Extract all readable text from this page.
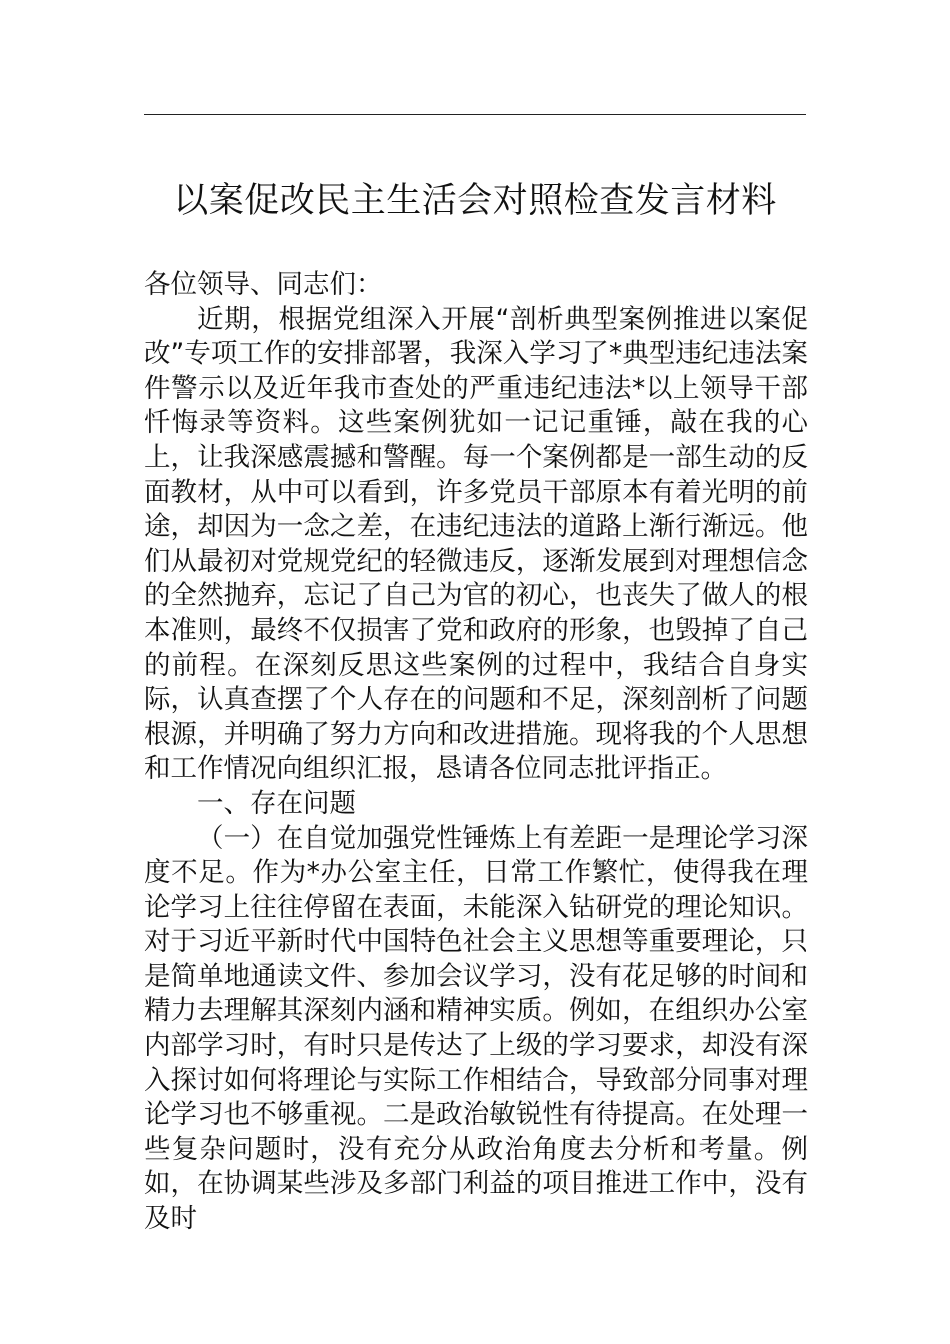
以案促改民主生活会对照检查发言材料

各位领导、同志们：

近期，根据党组深入开展“剖析典型案例推进以案促改”专项工作的安排部署，我深入学习了*典型违纪违法案件警示以及近年我市查处的严重违纪违法*以上领导干部忏悔录等资料。这些案例犹如一记记重锤，敲在我的心上，让我深感震撼和警醒。每一个案例都是一部生动的反面教材，从中可以看到，许多党员干部原本有着光明的前途，却因为一念之差，在违纪违法的道路上渐行渐远。他们从最初对党规党纪的轻微违反，逐渐发展到对理想信念的全然抛弃，忘记了自己为官的初心，也丧失了做人的根本准则，最终不仅损害了党和政府的形象，也毁掉了自己的前程。在深刻反思这些案例的过程中，我结合自身实际，认真查摆了个人存在的问题和不足，深刻剖析了问题根源，并明确了努力方向和改进措施。现将我的个人思想和工作情况向组织汇报，恳请各位同志批评指正。

一、存在问题

（一）在自觉加强党性锤炼上有差距一是理论学习深度不足。作为*办公室主任，日常工作繁忙，使得我在理论学习上往往停留在表面，未能深入钻研党的理论知识。对于习近平新时代中国特色社会主义思想等重要理论，只是简单地通读文件、参加会议学习，没有花足够的时间和精力去理解其深刻内涵和精神实质。例如，在组织办公室内部学习时，有时只是传达了上级的学习要求，却没有深入探讨如何将理论与实际工作相结合，导致部分同事对理论学习也不够重视。二是政治敏锐性有待提高。在处理一些复杂问题时，没有充分从政治角度去分析和考量。例如，在协调某些涉及多部门利益的项目推进工作中，没有及时
